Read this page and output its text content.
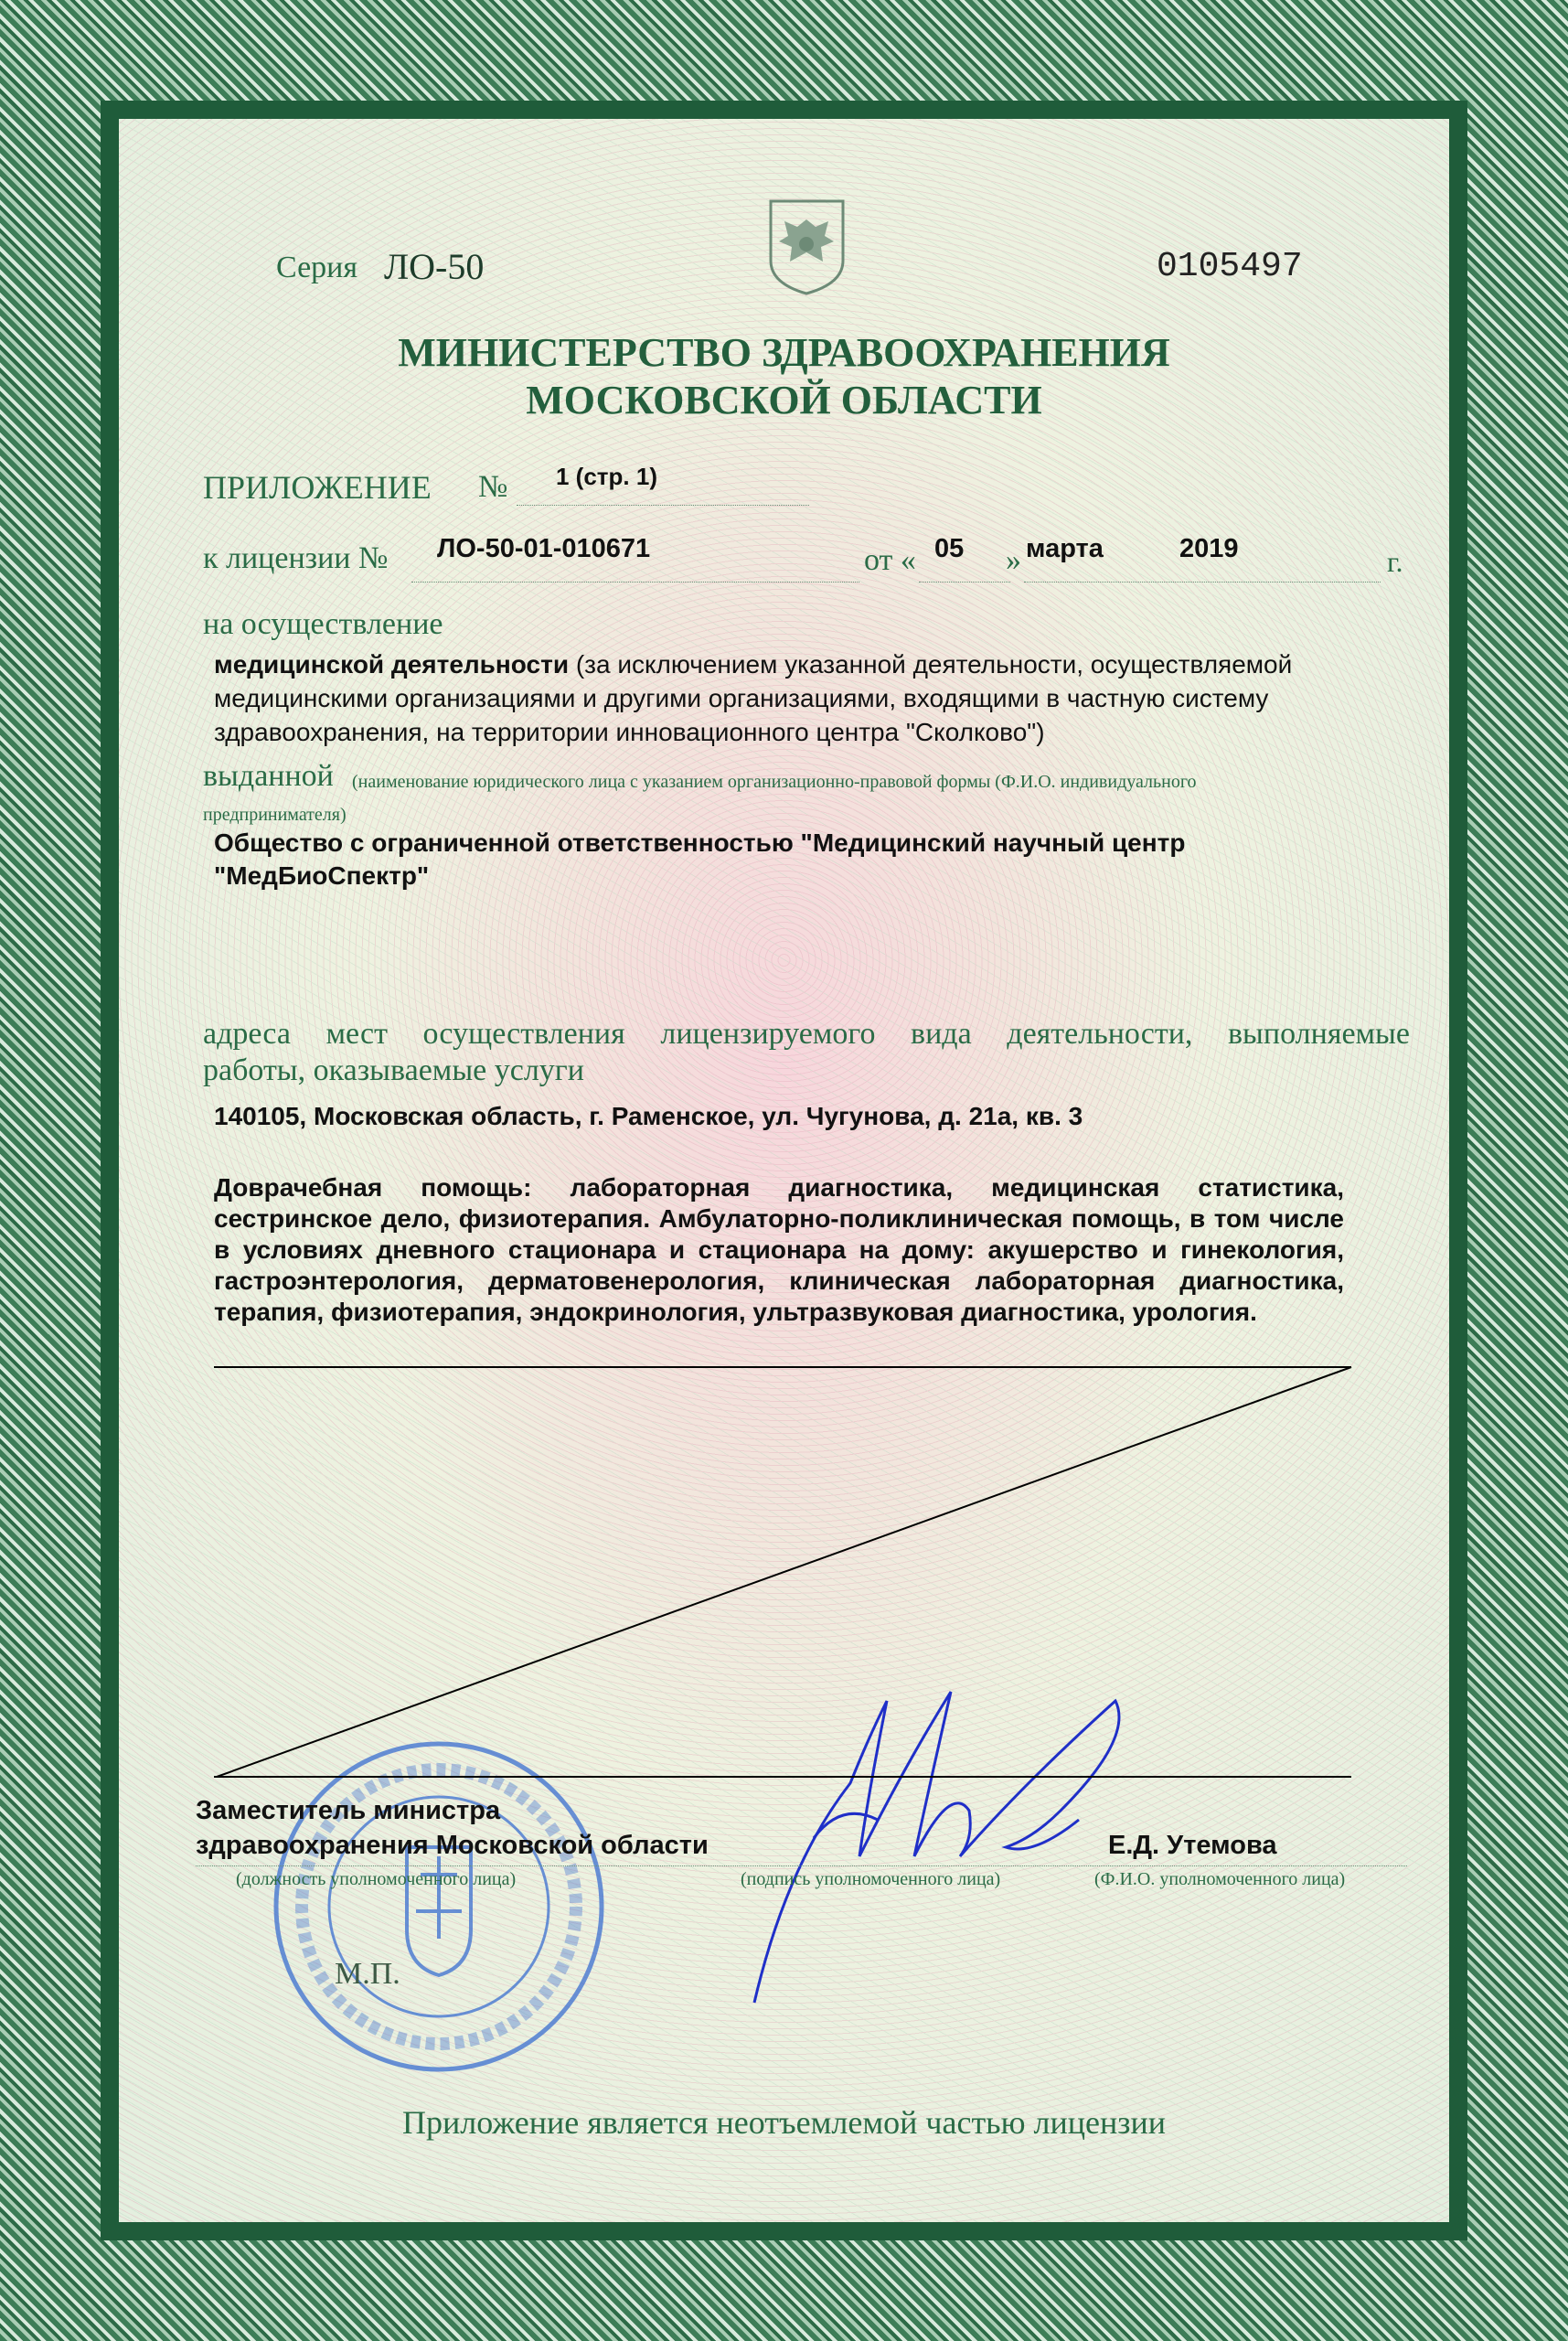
Серия ЛО-50	0105497
МИНИСТЕРСТВО ЗДРАВООХРАНЕНИЯ
МОСКОВСКОЙ ОБЛАСТИ
ПРИЛОЖЕНИЕ № 1 (стр. 1)
к лицензии № ЛО-50-01-010671	от « 05 » марта	2019	г.
на осуществление
медицинской деятельности (за исключением указанной деятельности, осуществляемой медицинскими организациями и другими организациями, входящими в частную систему здравоохранения, на территории инновационного центра "Сколково")
выданной (наименование юридического лица с указанием организационно-правовой формы (Ф.И.О. индивидуального
предпринимателя)
Общество с ограниченной ответственностью "Медицинский научный центр
"МедБиоСпектр"
адреса мест осуществления лицензируемого вида деятельности, выполняемые
работы, оказываемые услуги
140105, Московская область, г. Раменское, ул. Чугунова, д. 21а, кв. 3
Доврачебная помощь: лабораторная диагностика, медицинская статистика, сестринское дело, физиотерапия. Амбулаторно-поликлиническая помощь, в том числе в условиях дневного стационара и стационара на дому: акушерство и гинекология, гастроэнтерология, дерматовенерология, клиническая лабораторная диагностика, терапия, физиотерапия, эндокринология, ультразвуковая диагностика, урология.
Заместитель министра
здравоохранения Московской области	Е.Д. Утемова
(должность уполномоченного лица)	(подпись уполномоченного лица)	(Ф.И.О. уполномоченного лица)
М.П.
Приложение является неотъемлемой частью лицензии
